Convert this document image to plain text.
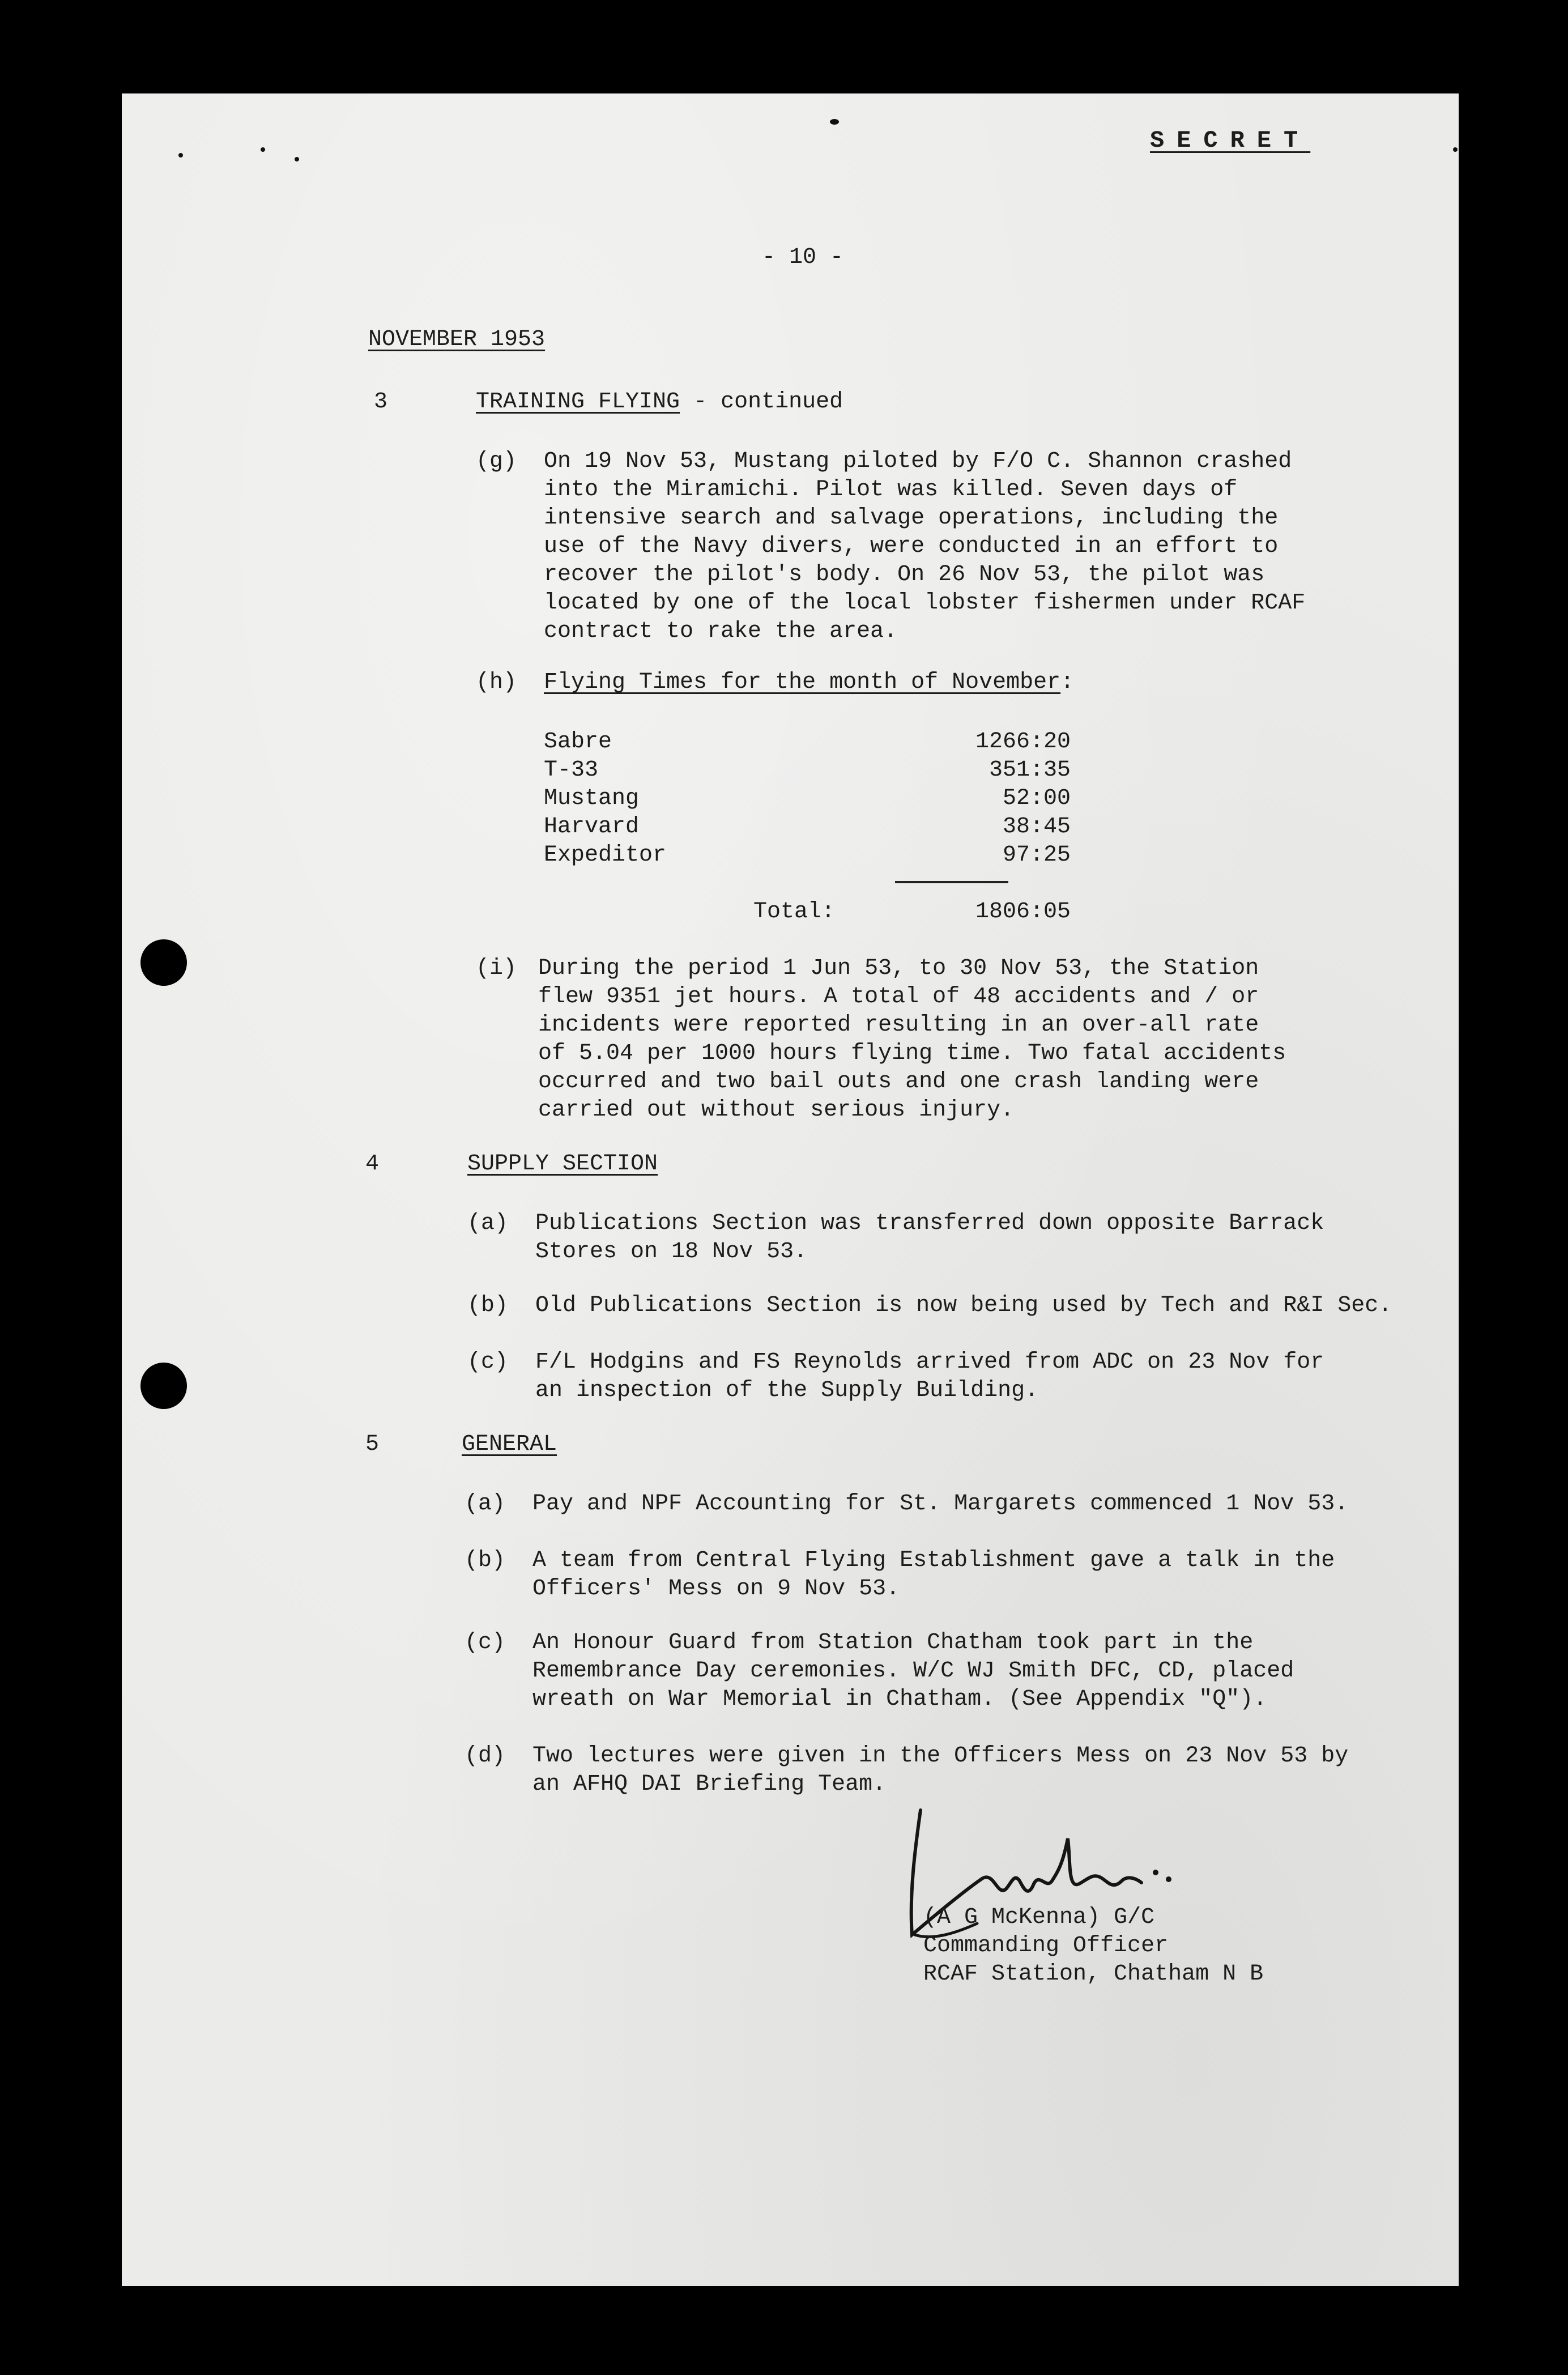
SECRET
- 10 -
NOVEMBER 1953
3	TRAINING FLYING - continued
(g) On 19 Nov 53, Mustang piloted by F/O C. Shannon crashed
into the Miramichi. Pilot was killed. Seven days of
intensive search and salvage operations, including the
use of the Navy divers, were conducted in an effort to
recover the pilot's body. On 26 Nov 53, the pilot was
located by one of the local lobster fishermen under RCAF
contract to rake the area.
(h) Flying Times for the month of November:
Sabre	1266:20
T-33	351:35
Mustang	52:00
Harvard	38:45
Expeditor	97:25
Total:	1806:05
(i) During the period 1 Jun 53, to 30 Nov 53, the Station
flew 9351 jet hours. A total of 48 accidents and / or
incidents were reported resulting in an over-all rate
of 5.04 per 1000 hours flying time. Two fatal accidents
occurred and two bail outs and one crash landing were
carried out without serious injury.
4	SUPPLY SECTION
(a) Publications Section was transferred down opposite Barrack
Stores on 18 Nov 53.
(b) Old Publications Section is now being used by Tech and R&I Sec.
(c) F/L Hodgins and FS Reynolds arrived from ADC on 23 Nov for
an inspection of the Supply Building.
5	GENERAL
(a) Pay and NPF Accounting for St. Margarets commenced 1 Nov 53.
(b) A team from Central Flying Establishment gave a talk in the
Officers' Mess on 9 Nov 53.
(c) An Honour Guard from Station Chatham took part in the
Remembrance Day ceremonies. W/C WJ Smith DFC, CD, placed
wreath on War Memorial in Chatham. (See Appendix "Q").
(d) Two lectures were given in the Officers Mess on 23 Nov 53 by
an AFHQ DAI Briefing Team.
(A G McKenna) G/C
Commanding Officer
RCAF Station, Chatham N B
